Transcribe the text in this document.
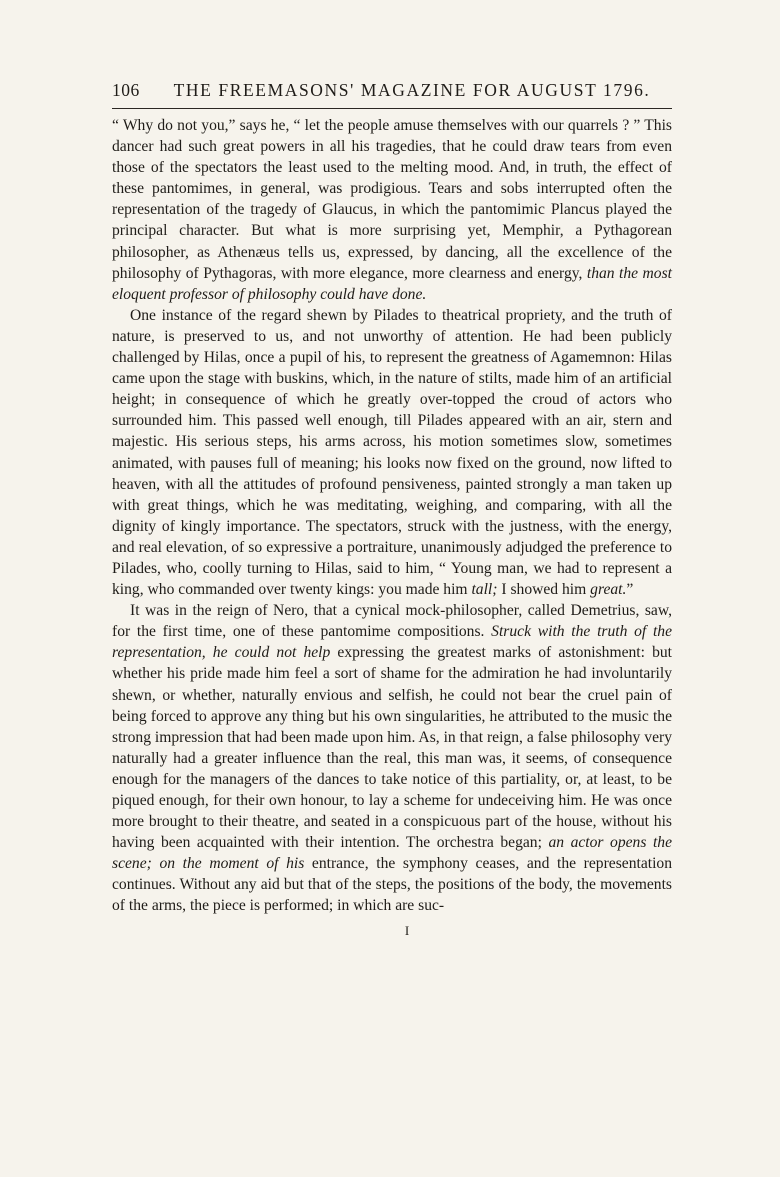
106	THE FREEMASONS' MAGAZINE FOR AUGUST 1796.

“ Why do not you,” says he, “ let the people amuse themselves with our quarrels ? ” This dancer had such great powers in all his tragedies, that he could draw tears from even those of the spectators the least used to the melting mood. And, in truth, the effect of these pantomimes, in general, was prodigious. Tears and sobs interrupted often the representation of the tragedy of Glaucus, in which the pantomimic Plancus played the principal character. But what is more surprising yet, Memphir, a Pythagorean philosopher, as Athenæus tells us, expressed, by dancing, all the excellence of the philosophy of Pythagoras, with more elegance, more clearness and energy, than the most eloquent professor of philosophy could have done.

One instance of the regard shewn by Pilades to theatrical propriety, and the truth of nature, is preserved to us, and not unworthy of attention. He had been publicly challenged by Hilas, once a pupil of his, to represent the greatness of Agamemnon: Hilas came upon the stage with buskins, which, in the nature of stilts, made him of an artificial height; in consequence of which he greatly over-topped the croud of actors who surrounded him. This passed well enough, till Pilades appeared with an air, stern and majestic. His serious steps, his arms across, his motion sometimes slow, sometimes animated, with pauses full of meaning; his looks now fixed on the ground, now lifted to heaven, with all the attitudes of profound pensiveness, painted strongly a man taken up with great things, which he was meditating, weighing, and comparing, with all the dignity of kingly importance. The spectators, struck with the justness, with the energy, and real elevation, of so expressive a portraiture, unanimously adjudged the preference to Pilades, who, coolly turning to Hilas, said to him, “ Young man, we had to represent a king, who commanded over twenty kings: you made him tall; I showed him great.”

It was in the reign of Nero, that a cynical mock-philosopher, called Demetrius, saw, for the first time, one of these pantomime compositions. Struck with the truth of the representation, he could not help expressing the greatest marks of astonishment: but whether his pride made him feel a sort of shame for the admiration he had involuntarily shewn, or whether, naturally envious and selfish, he could not bear the cruel pain of being forced to approve any thing but his own singularities, he attributed to the music the strong impression that had been made upon him. As, in that reign, a false philosophy very naturally had a greater influence than the real, this man was, it seems, of consequence enough for the managers of the dances to take notice of this partiality, or, at least, to be piqued enough, for their own honour, to lay a scheme for undeceiving him. He was once more brought to their theatre, and seated in a conspicuous part of the house, without his having been acquainted with their intention. The orchestra began; an actor opens the scene; on the moment of his entrance, the symphony ceases, and the representation continues. Without any aid but that of the steps, the positions of the body, the movements of the arms, the piece is performed; in which are suc-

I
